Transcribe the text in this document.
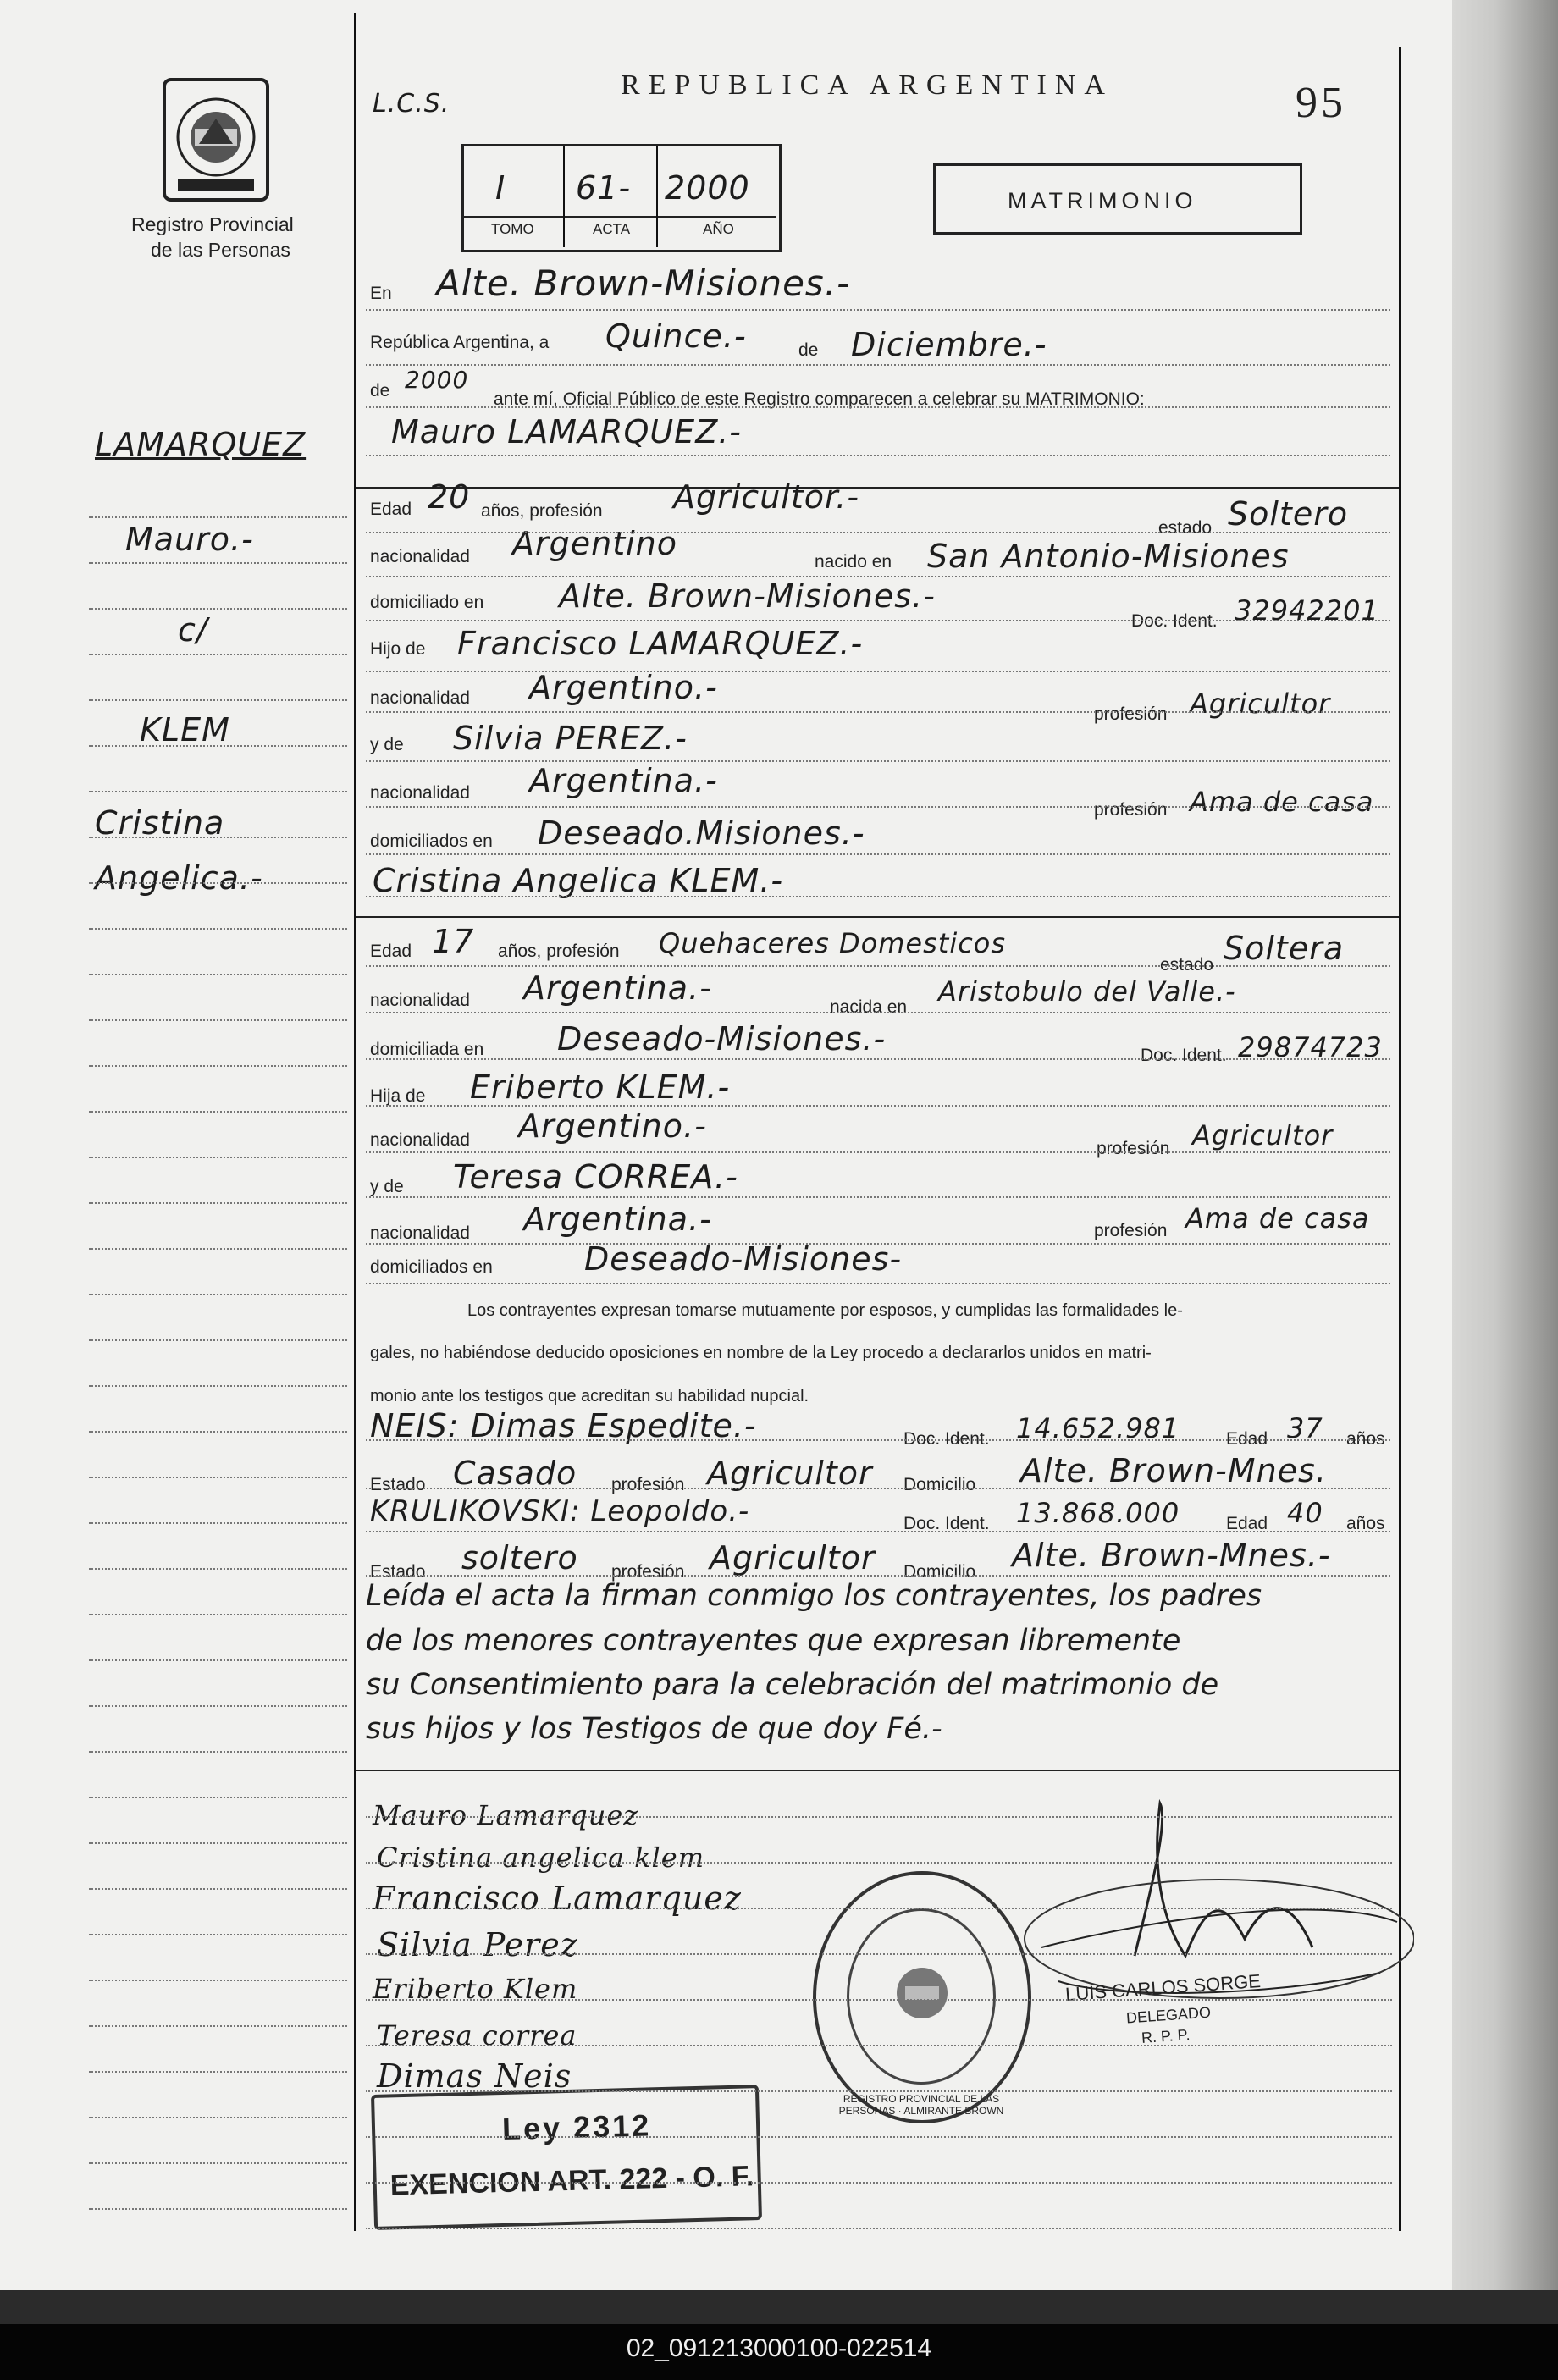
02_091213000100-022514
Registro Provincial
de las Personas
L.C.S.
REPUBLICA ARGENTINA	95
I 61- 2000
TOMO	ACTA	AÑO
MATRIMONIO
LAMARQUEZ
Mauro.-
c/
KLEM
Cristina
Angelica.-
En Alte. Brown-Misiones.-
República Argentina, a Quince.-	de Diciembre.-
de 2000
ante mí, Oficial Público de este Registro comparecen a celebrar su MATRIMONIO:
Mauro LAMARQUEZ.-
Edad 20 años, profesión Agricultor.-
estado Soltero
nacionalidad Argentino	nacido en San Antonio-Misiones
domiciliado en Alte. Brown-Misiones.-
Doc. Ident. 32942201
Hijo de Francisco LAMARQUEZ.-
nacionalidad Argentino.-
profesión Agricultor
y de Silvia PEREZ.-
nacionalidad Argentina.-
profesión Ama de casa
domiciliados en Deseado.Misiones.-
Cristina Angelica KLEM.-
Edad 17 años, profesión Quehaceres Domesticos
estado Soltera
nacionalidad Argentina.-
nacida en Aristobulo del Valle.-
domiciliada en Deseado-Misiones.-	Doc. Ident. 29874723
Hija de Eriberto KLEM.-
nacionalidad Argentino.-
profesión Agricultor
y de Teresa CORREA.-
nacionalidad Argentina.-	profesión Ama de casa
domiciliados en	Deseado-Misiones-
Los contrayentes expresan tomarse mutuamente por esposos, y cumplidas las formalidades le-
gales, no habiéndose deducido oposiciones en nombre de la Ley procedo a declararlos unidos en matri-
monio ante los testigos que acreditan su habilidad nupcial.
NEIS: Dimas Espedite.-	Doc. Ident. 14.652.981	Edad 37 años
Estado Casado profesión Agricultor Domicilio Alte. Brown-Mnes.
KRULIKOVSKI: Leopoldo.-	Doc. Ident. 13.868.000	Edad 40 años
Estado soltero profesión Agricultor Domicilio Alte. Brown-Mnes.-
Leída el acta la firman conmigo los contrayentes, los padres
de los menores contrayentes que expresan libremente
su Consentimiento para la celebración del matrimonio de
sus hijos y los Testigos de que doy Fé.-
Mauro Lamarquez
Cristina angelica klem
Francisco Lamarquez
Silvia Perez
Eriberto Klem
Teresa correa
Dimas Neis
Ley 2312
EXENCION ART. 222 - O. F.
REGISTRO PROVINCIAL DE LAS PERSONAS · ALMIRANTE BROWN
LUIS CARLOS SORGE
DELEGADO
R. P. P.
